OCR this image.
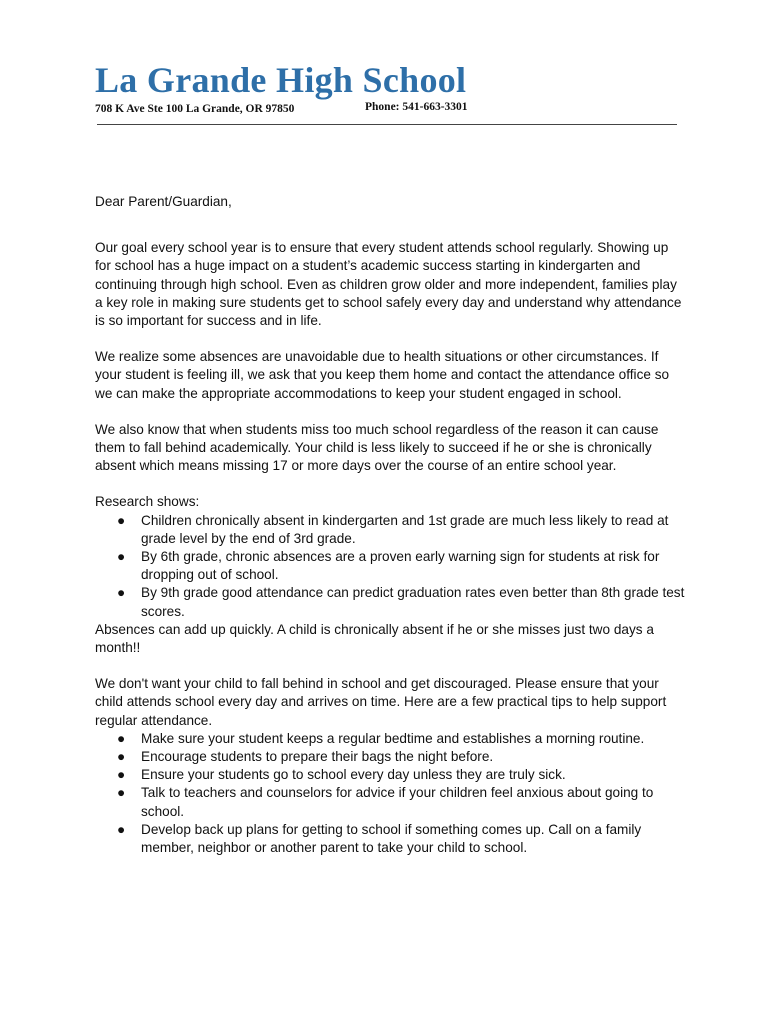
La Grande High School
708 K Ave Ste 100 La Grande, OR 97850	Phone: 541-663-3301

Dear Parent/Guardian,

Our goal every school year is to ensure that every student attends school regularly. Showing up for school has a huge impact on a student’s academic success starting in kindergarten and continuing through high school. Even as children grow older and more independent, families play a key role in making sure students get to school safely every day and understand why attendance is so important for success and in life.

We realize some absences are unavoidable due to health situations or other circumstances. If your student is feeling ill, we ask that you keep them home and contact the attendance office so we can make the appropriate accommodations to keep your student engaged in school.

We also know that when students miss too much school regardless of the reason it can cause them to fall behind academically. Your child is less likely to succeed if he or she is chronically absent which means missing 17 or more days over the course of an entire school year.

Research shows:

● Children chronically absent in kindergarten and 1st grade are much less likely to read at grade level by the end of 3rd grade.
● By 6th grade, chronic absences are a proven early warning sign for students at risk for dropping out of school.
● By 9th grade good attendance can predict graduation rates even better than 8th grade test scores.

Absences can add up quickly. A child is chronically absent if he or she misses just two days a month!!

We don't want your child to fall behind in school and get discouraged. Please ensure that your child attends school every day and arrives on time. Here are a few practical tips to help support regular attendance.

● Make sure your student keeps a regular bedtime and establishes a morning routine.
● Encourage students to prepare their bags the night before.
● Ensure your students go to school every day unless they are truly sick.
● Talk to teachers and counselors for advice if your children feel anxious about going to school.
● Develop back up plans for getting to school if something comes up. Call on a family member, neighbor or another parent to take your child to school.
